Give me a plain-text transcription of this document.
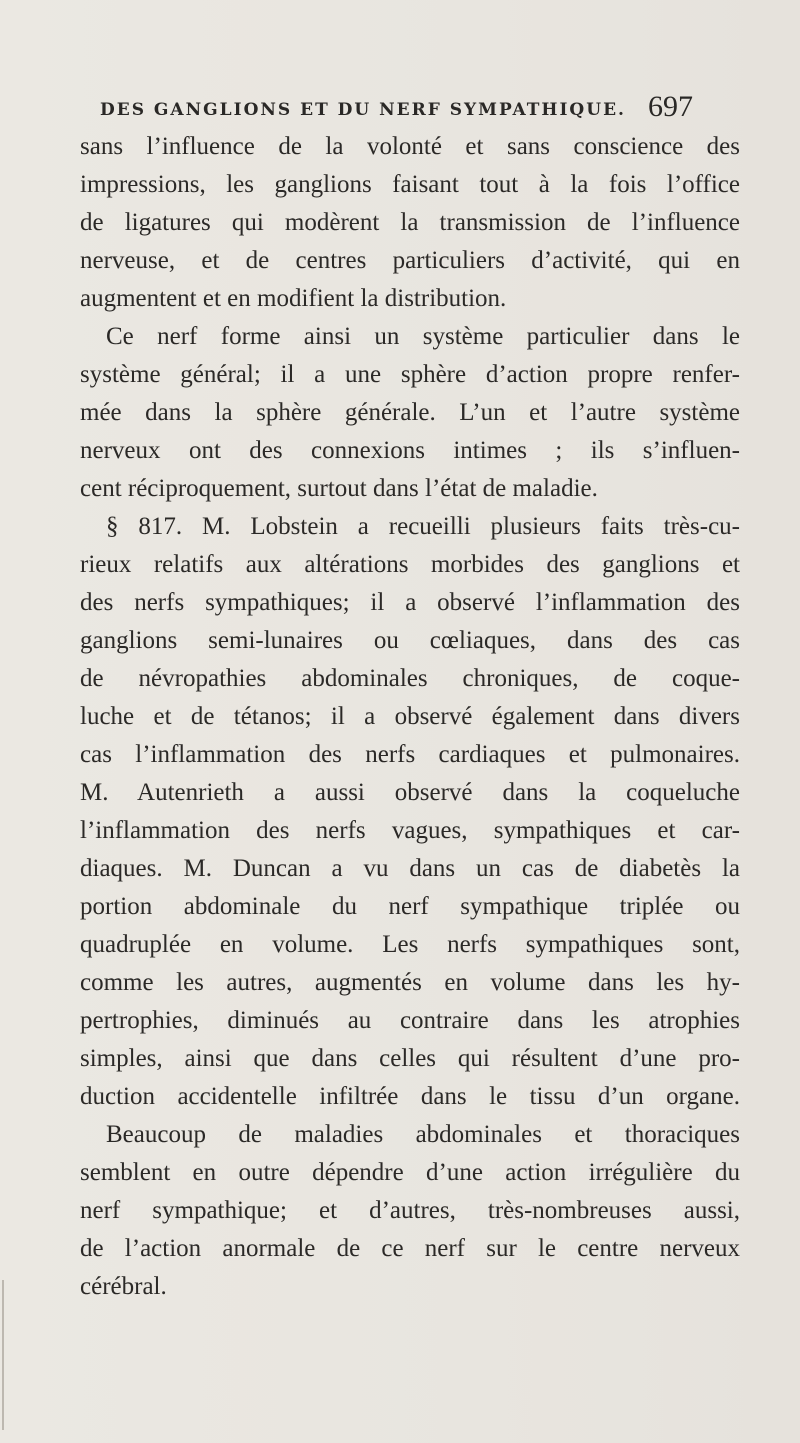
DES GANGLIONS ET DU NERF SYMPATHIQUE. 697
sans l’influence de la volonté et sans conscience des
impressions, les ganglions faisant tout à la fois l’office
de ligatures qui modèrent la transmission de l’influence
nerveuse, et de centres particuliers d’activité, qui en
augmentent et en modifient la distribution.
Ce nerf forme ainsi un système particulier dans le
système général; il a une sphère d’action propre renfer-
mée dans la sphère générale. L’un et l’autre système
nerveux ont des connexions intimes ; ils s’influen-
cent réciproquement, surtout dans l’état de maladie.
§ 817. M. Lobstein a recueilli plusieurs faits très-cu-
rieux relatifs aux altérations morbides des ganglions et
des nerfs sympathiques; il a observé l’inflammation des
ganglions semi-lunaires ou cœliaques, dans des cas
de névropathies abdominales chroniques, de coque-
luche et de tétanos; il a observé également dans divers
cas l’inflammation des nerfs cardiaques et pulmonaires.
M. Autenrieth a aussi observé dans la coqueluche
l’inflammation des nerfs vagues, sympathiques et car-
diaques. M. Duncan a vu dans un cas de diabetès la
portion abdominale du nerf sympathique triplée ou
quadruplée en volume. Les nerfs sympathiques sont,
comme les autres, augmentés en volume dans les hy-
pertrophies, diminués au contraire dans les atrophies
simples, ainsi que dans celles qui résultent d’une pro-
duction accidentelle infiltrée dans le tissu d’un organe.
Beaucoup de maladies abdominales et thoraciques
semblent en outre dépendre d’une action irrégulière du
nerf sympathique; et d’autres, très-nombreuses aussi,
de l’action anormale de ce nerf sur le centre nerveux
cérébral.
